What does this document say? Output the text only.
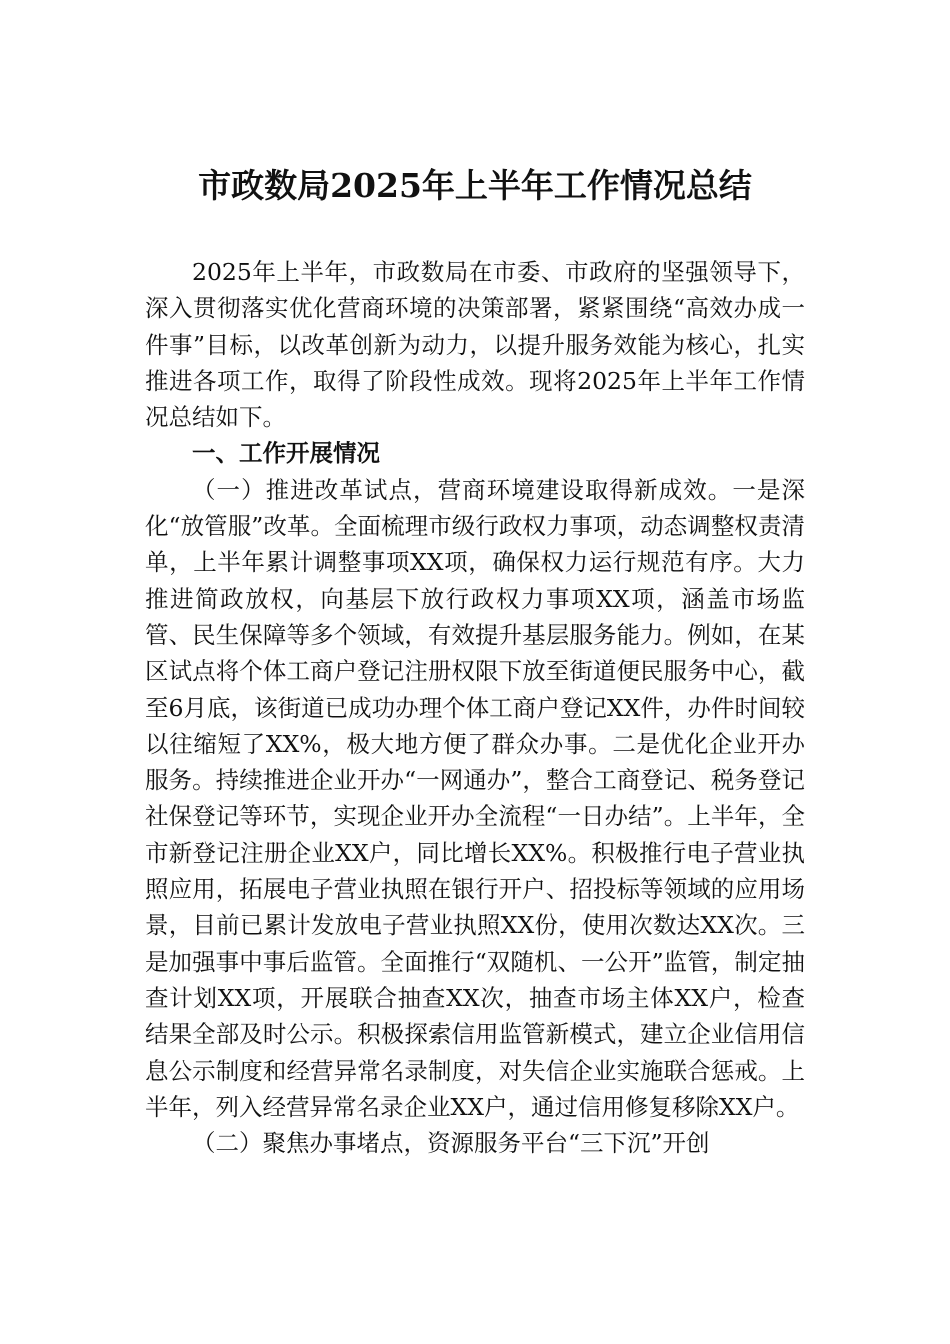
市政数局2025年上半年工作情况总结

2025年上半年，市政数局在市委、市政府的坚强领导下，深入贯彻落实优化营商环境的决策部署，紧紧围绕“高效办成一件事”目标，以改革创新为动力，以提升服务效能为核心，扎实推进各项工作，取得了阶段性成效。现将2025年上半年工作情况总结如下。

一、工作开展情况

（一）推进改革试点，营商环境建设取得新成效。一是深化“放管服”改革。全面梳理市级行政权力事项，动态调整权责清单，上半年累计调整事项XX项，确保权力运行规范有序。大力推进简政放权，向基层下放行政权力事项XX项，涵盖市场监管、民生保障等多个领域，有效提升基层服务能力。例如，在某区试点将个体工商户登记注册权限下放至街道便民服务中心，截至6月底，该街道已成功办理个体工商户登记XX件，办件时间较以往缩短了XX%，极大地方便了群众办事。二是优化企业开办服务。持续推进企业开办“一网通办”，整合工商登记、税务登记社保登记等环节，实现企业开办全流程“一日办结”。上半年，全市新登记注册企业XX户，同比增长XX%。积极推行电子营业执照应用，拓展电子营业执照在银行开户、招投标等领域的应用场景，目前已累计发放电子营业执照XX份，使用次数达XX次。三是加强事中事后监管。全面推行“双随机、一公开”监管，制定抽查计划XX项，开展联合抽查XX次，抽查市场主体XX户，检查结果全部及时公示。积极探索信用监管新模式，建立企业信用信息公示制度和经营异常名录制度，对失信企业实施联合惩戒。上半年，列入经营异常名录企业XX户，通过信用修复移除XX户。

（二）聚焦办事堵点，资源服务平台“三下沉”开创
